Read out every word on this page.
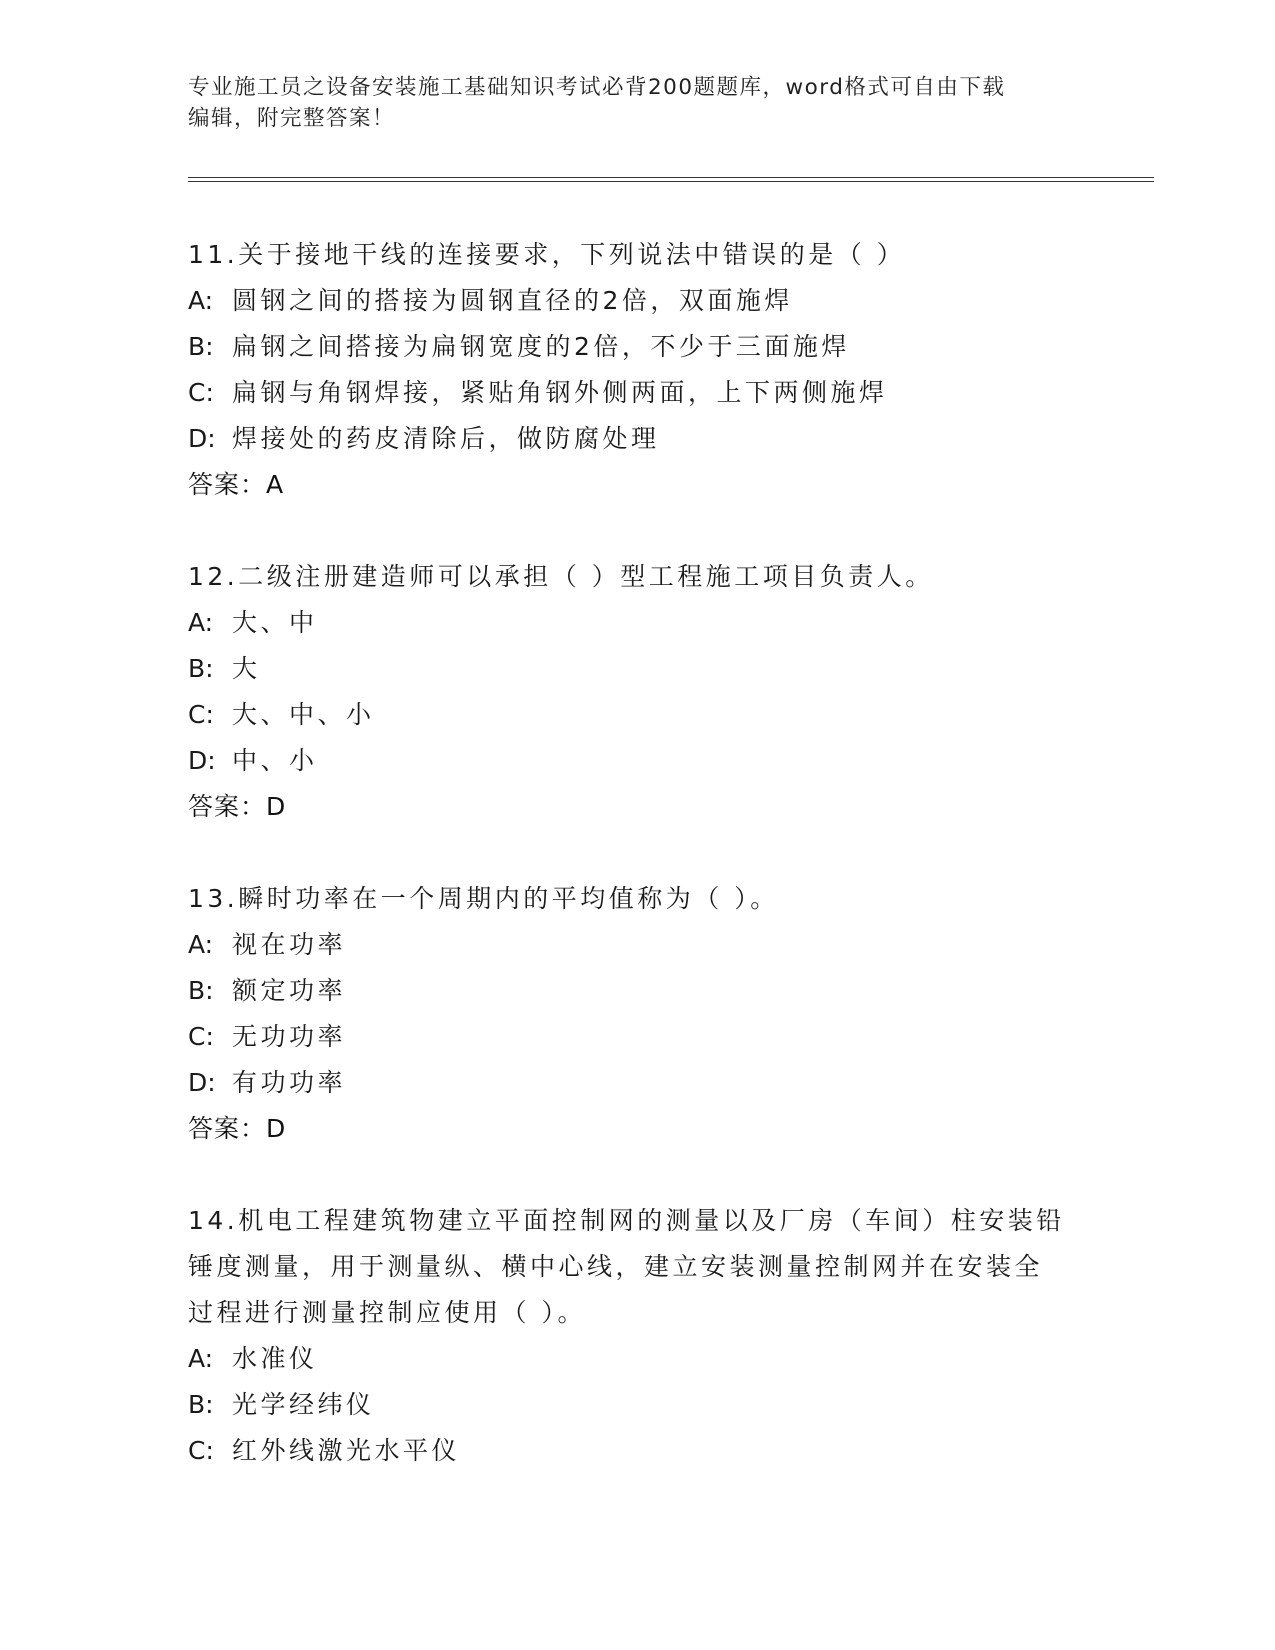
专业施工员之设备安装施工基础知识考试必背200题题库，word格式可自由下载
编辑，附完整答案！
11.关于接地干线的连接要求，下列说法中错误的是（ ）
A: 圆钢之间的搭接为圆钢直径的2倍，双面施焊
B: 扁钢之间搭接为扁钢宽度的2倍，不少于三面施焊
C: 扁钢与角钢焊接，紧贴角钢外侧两面，上下两侧施焊
D: 焊接处的药皮清除后，做防腐处理
答案：A
12.二级注册建造师可以承担（ ）型工程施工项目负责人。
A: 大、中
B: 大
C: 大、中、小
D: 中、小
答案：D
13.瞬时功率在一个周期内的平均值称为（ ）。
A: 视在功率
B: 额定功率
C: 无功功率
D: 有功功率
答案：D
14.机电工程建筑物建立平面控制网的测量以及厂房（车间）柱安装铅
锤度测量，用于测量纵、横中心线，建立安装测量控制网并在安装全
过程进行测量控制应使用（ ）。
A: 水准仪
B: 光学经纬仪
C: 红外线激光水平仪
